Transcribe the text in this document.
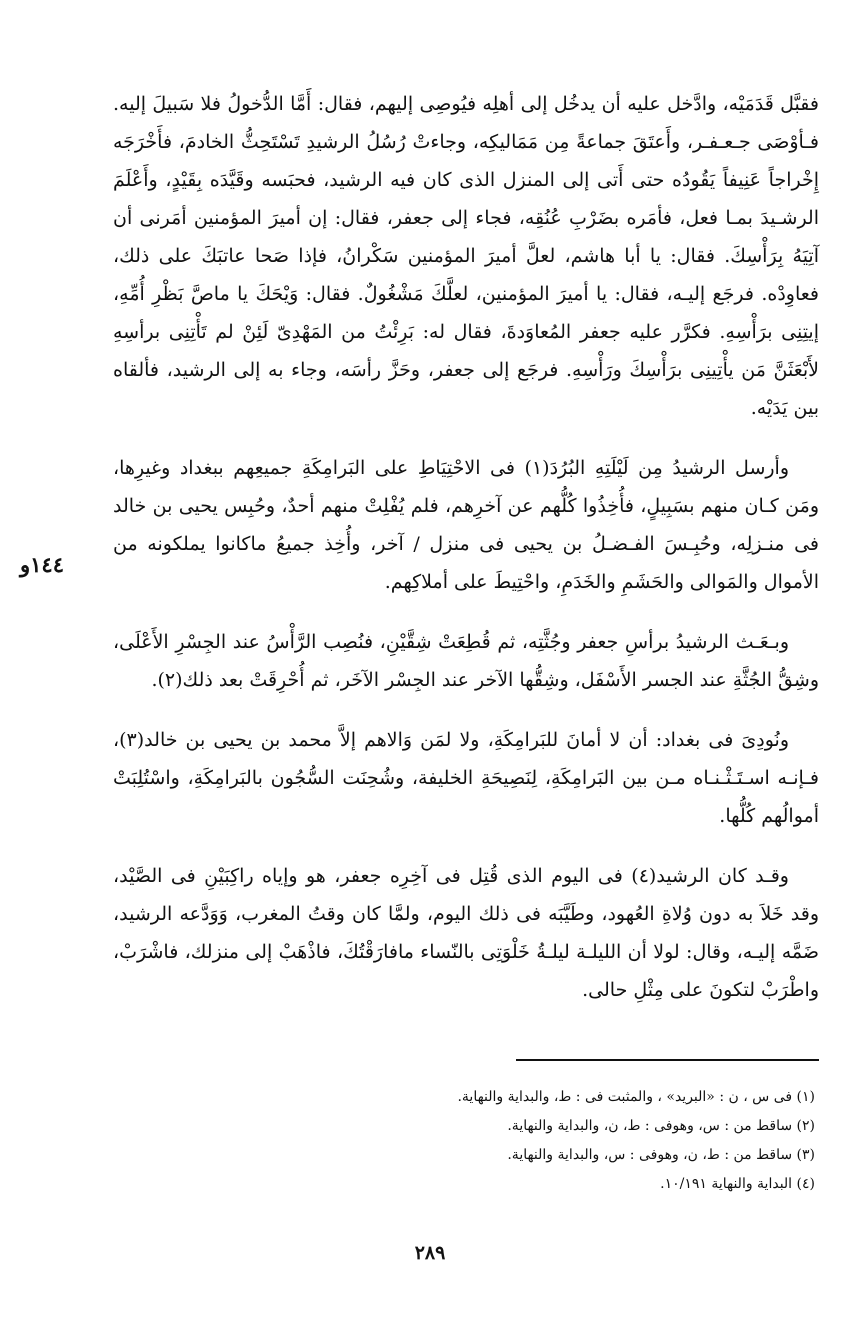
فقبَّل قَدَمَيْه، وادَّخل عليه أن يدخُل إلى أهلِه فيُوصِى إليهم، فقال: أَمَّا الدُّخولُ فلا سَبيلَ إليه. فـأوْصَى جـعـفـر، وأَعتَقَ جماعةً مِن مَمَاليكِه، وجاءتْ رُسُلُ الرشيدِ تَسْتَحِثُّ الخادمَ، فأَخْرَجَه إِخْراجاً عَنِيفاً يَقُودُه حتى أَتى إلى المنزل الذى كان فيه الرشيد، فحبَسه وقَيَّدَه بِقَيْدٍ، وأَعْلَمَ الرشـيدَ بمـا فعل، فأمَره بضَرْبِ عُنُقِه، فجاء إلى جعفر، فقال: إن أميرَ المؤمنين أمَرنى أن آتِيَهُ بِرَأْسِكَ. فقال: يا أبا هاشم، لعلَّ أميرَ المؤمنين سَكْرانُ، فإذا صَحا عاتبَكَ على ذلك، فعاوِدْه. فرجَع إليـه، فقال: يا أميرَ المؤمنين، لعلَّكَ مَشْغُولٌ. فقال: وَيْحَكَ يا ماصَّ بَظْرِ أُمِّهِ، إيتِنِى برَأْسِهِ. فكرَّر عليه جعفر المُعاوَدةَ، فقال له: بَرِئْتُ من المَهْدِىّ لَئِنْ لم تَأْتِنِى برأسِهِ لأَبْعَثَنَّ مَن يأْتِينِى برَأْسِكَ ورَأْسِهِ. فرجَع إلى جعفر، وحَزَّ رأسَه، وجاء به إلى الرشيد، فألقاه بين يَدَيْه.

وأرسل الرشيدُ مِن لَيْلَتِهِ البُرُدَ(١) فى الاحْتِيَاطِ على البَرامِكَةِ جميعِهم ببغداد وغيرِها، ومَن كـان منهم بسَبِيلٍ، فأُخِذُوا كُلُّهم عن آخرِهم، فلم يُفْلِتْ منهم أحدٌ، وحُبِس يحيى بن خالد فى منـزلِه، وحُبِـسَ الفـضـلُ بن يحيى فى منزل / آخر، وأُخِذ جميعُ ماكانوا يملكونه من الأموال والمَوالى والحَشَمِ والخَدَمِ، واحْتِيطَ على أملاكِهم.

وبـعَـث الرشيدُ برأسِ جعفر وجُثَّتِه، ثم قُطِعَتْ شِقَّيْنِ، فنُصِب الرَّأْسُ عند الجِسْرِ الأَعْلَى، وشِقُّ الجُثَّةِ عند الجسر الأَسْفَل، وشِقُّها الآخر عند الجِسْر الآخَر، ثم أُحْرِقَتْ بعد ذلك(٢).

ونُودِىَ فى بغداد: أن لا أمانَ للبَرامِكَةِ، ولا لمَن وَالاهم إلاَّ محمد بن يحيى بن خالد(٣)، فـإنـه اسـتَـثْـنـاه مـن بين البَرامِكَةِ، لِنَصِيحَةِ الخليفة، وشُحِنَت السُّجُون بالبَرامِكَةِ، واسْتُلِبَتْ أموالُهم كُلُّها.

وقـد كان الرشيد(٤) فى اليوم الذى قُتِل فى آخِرِه جعفر، هو وإياه راكِبَيْنِ فى الصَّيْد، وقد خَلاَ به دون وُلاةِ العُهود، وطَيَّبَه فى ذلك اليوم، ولمَّا كان وقتُ المغرب، وَوَدَّعه الرشيد، ضَمَّه إليـه، وقال: لولا أن الليلـة ليلـةُ خَلْوَتِى بالنّساء مافارَقْتُكَ، فاذْهَبْ إلى منزلك، فاشْرَبْ، واطْرَبْ لتكونَ على مِثْلِ حالى.

١٤٤و
(١) فى س ، ن : «البريد» ، والمثبت فى : ط، والبداية والنهاية.
(٢) ساقط من : س، وهوفى : ط، ن، والبداية والنهاية.
(٣) ساقط من : ط، ن، وهوفى : س، والبداية والنهاية.
(٤) البداية والنهاية ١٠/١٩١.
٢٨٩
